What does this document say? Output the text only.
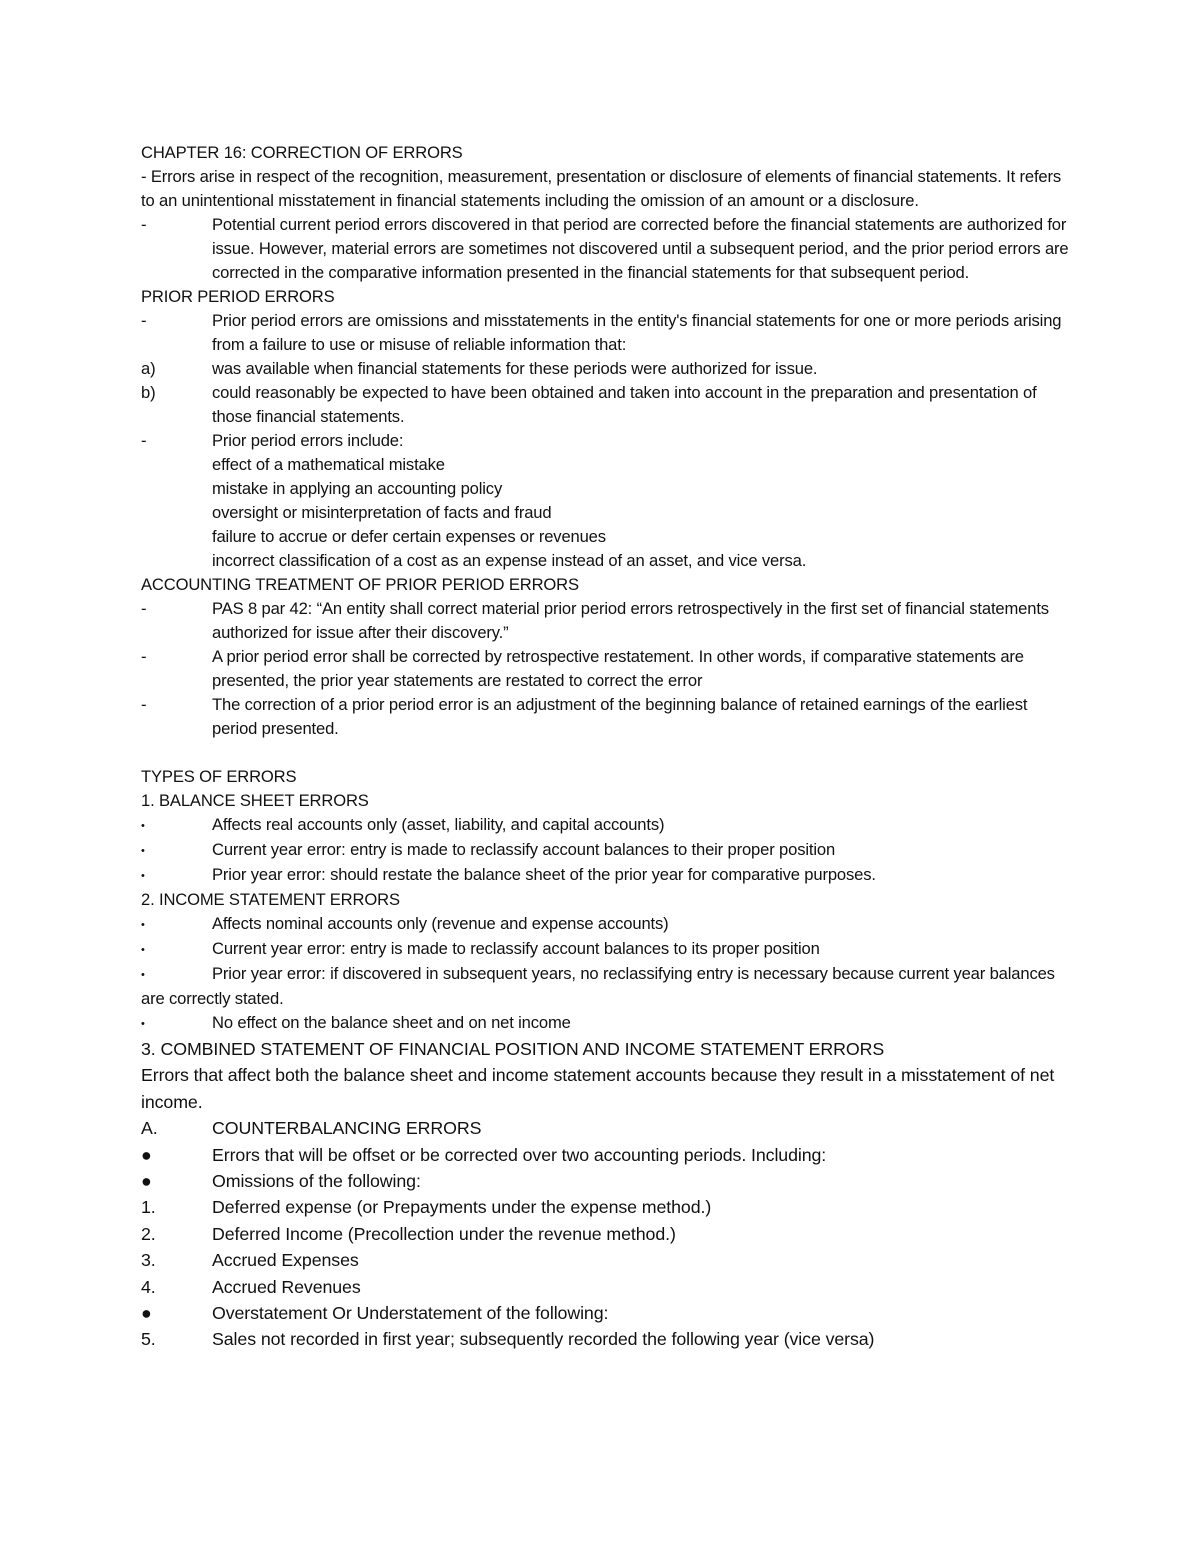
CHAPTER 16: CORRECTION OF ERRORS

- Errors arise in respect of the recognition, measurement, presentation or disclosure of elements of financial statements. It refers to an unintentional misstatement in financial statements including the omission of an amount or a disclosure.

-	Potential current period errors discovered in that period are corrected before the financial statements are authorized for issue. However, material errors are sometimes not discovered until a subsequent period, and the prior period errors are corrected in the comparative information presented in the financial statements for that subsequent period.

PRIOR PERIOD ERRORS

-	Prior period errors are omissions and misstatements in the entity's financial statements for one or more periods arising from a failure to use or misuse of reliable information that:
a)	was available when financial statements for these periods were authorized for issue.
b)	could reasonably be expected to have been obtained and taken into account in the preparation and presentation of those financial statements.
-	Prior period errors include:

effect of a mathematical mistake

mistake in applying an accounting policy

oversight or misinterpretation of facts and fraud

failure to accrue or defer certain expenses or revenues

incorrect classification of a cost as an expense instead of an asset, and vice versa.

ACCOUNTING TREATMENT OF PRIOR PERIOD ERRORS

-	PAS 8 par 42: “An entity shall correct material prior period errors retrospectively in the first set of financial statements authorized for issue after their discovery.”
-	A prior period error shall be corrected by retrospective restatement. In other words, if comparative statements are presented, the prior year statements are restated to correct the error
-	The correction of a prior period error is an adjustment of the beginning balance of retained earnings of the earliest period presented.

TYPES OF ERRORS

1. BALANCE SHEET ERRORS

•	Affects real accounts only (asset, liability, and capital accounts)
•	Current year error: entry is made to reclassify account balances to their proper position
•	Prior year error: should restate the balance sheet of the prior year for comparative purposes.

2. INCOME STATEMENT ERRORS

•	Affects nominal accounts only (revenue and expense accounts)
•	Current year error: entry is made to reclassify account balances to its proper position

•	Prior year error: if discovered in subsequent years, no reclassifying entry is necessary because current year balances are correctly stated.

•	No effect on the balance sheet and on net income

3. COMBINED STATEMENT OF FINANCIAL POSITION AND INCOME STATEMENT ERRORS

Errors that affect both the balance sheet and income statement accounts because they result in a misstatement of net income.

A.	COUNTERBALANCING ERRORS
●	Errors that will be offset or be corrected over two accounting periods. Including:
●	Omissions of the following:
1.	Deferred expense (or Prepayments under the expense method.)
2.	Deferred Income (Precollection under the revenue method.)
3.	Accrued Expenses
4.	Accrued Revenues
●	Overstatement Or Understatement of the following:
5.	Sales not recorded in first year; subsequently recorded the following year (vice versa)
